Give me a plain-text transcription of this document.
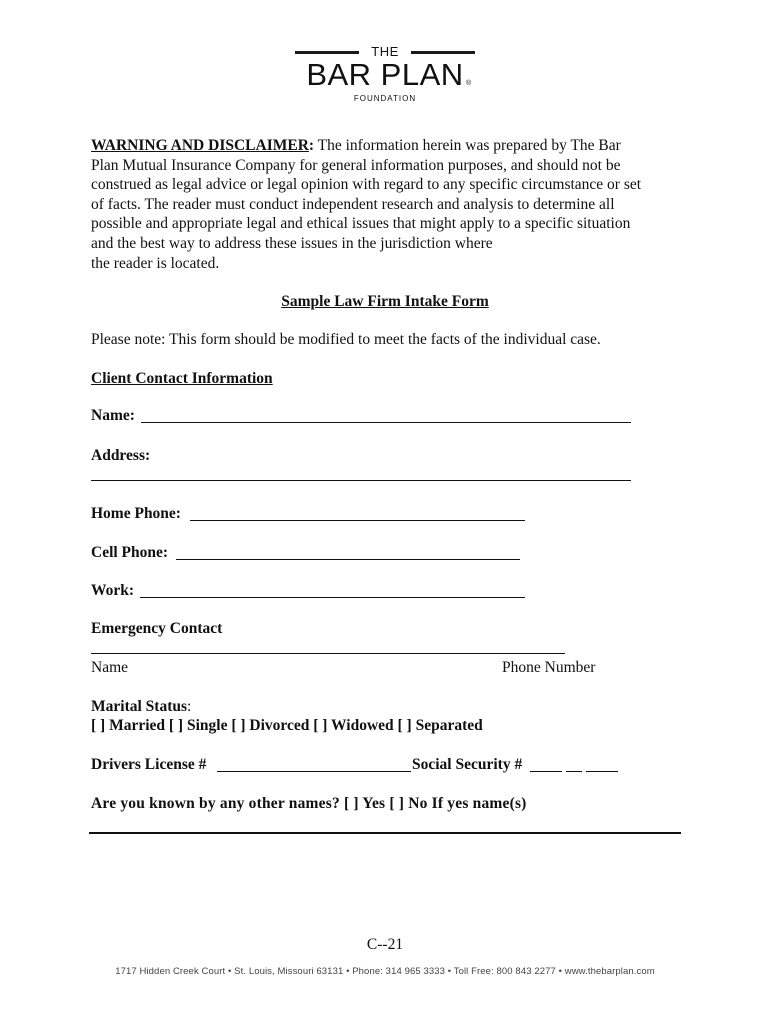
THE
BAR PLAN ®
FOUNDATION
WARNING AND DISCLAIMER: The information herein was prepared by The Bar
Plan Mutual Insurance Company for general information purposes, and should not be
construed as legal advice or legal opinion with regard to any specific circumstance or set
of facts. The reader must conduct independent research and analysis to determine all
possible and appropriate legal and ethical issues that might apply to a specific situation
and the best way to address these issues in the jurisdiction where
the reader is located.
Sample Law Firm Intake Form
Please note: This form should be modified to meet the facts of the individual case.
Client Contact Information
Name:
Address:
Home Phone:
Cell Phone:
Work:
Emergency Contact
Name	Phone Number
Marital Status:
[ ] Married [ ] Single [ ] Divorced [ ] Widowed [ ] Separated
Drivers License #	Social Security #
Are you known by any other names? [ ] Yes [ ] No If yes name(s)
C--21
1717 Hidden Creek Court • St. Louis, Missouri 63131 • Phone: 314 965 3333 • Toll Free: 800 843 2277 • www.thebarplan.com
